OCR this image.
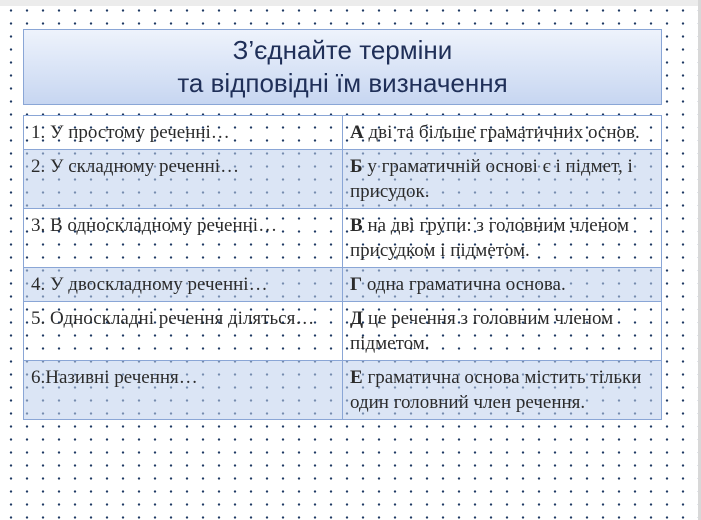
З’єднайте терміни
та відповідні їм визначення
1. У простому реченні…	А дві та більше граматичних основ.
2. У складному реченні…	Б у граматичній основі є і підмет, і присудок.
3. В односкладному реченні…	В на дві групи: з головним членом присудком і підметом.
4. У двоскладному реченні…	Г одна граматична основа.
5. Односкладні речення діляться…	Д це речення з головним членом підметом.
6.Називні речення…	Е граматична основа містить тільки один головний член речення.
